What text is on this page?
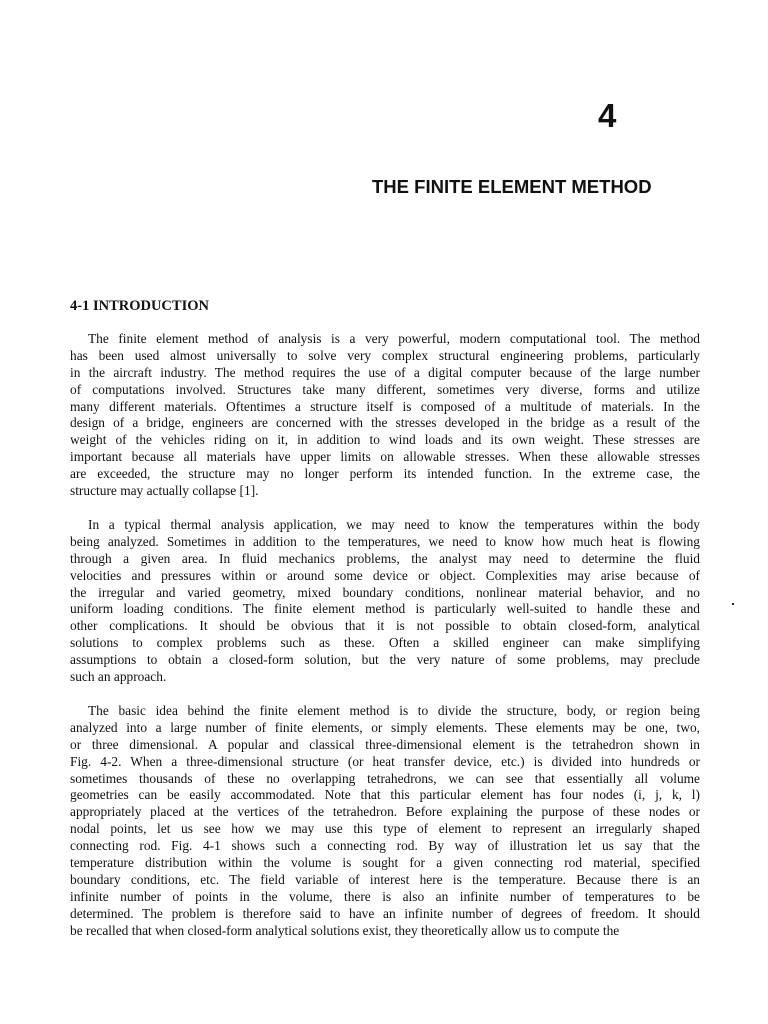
4
THE FINITE ELEMENT METHOD
4-1 INTRODUCTION
The finite element method of analysis is a very powerful, modern computational tool. The method
has been used almost universally to solve very complex structural engineering problems, particularly
in the aircraft industry. The method requires the use of a digital computer because of the large number
of computations involved. Structures take many different, sometimes very diverse, forms and utilize
many different materials. Oftentimes a structure itself is composed of a multitude of materials. In the
design of a bridge, engineers are concerned with the stresses developed in the bridge as a result of the
weight of the vehicles riding on it, in addition to wind loads and its own weight. These stresses are
important because all materials have upper limits on allowable stresses. When these allowable stresses
are exceeded, the structure may no longer perform its intended function. In the extreme case, the
structure may actually collapse [1].
In a typical thermal analysis application, we may need to know the temperatures within the body
being analyzed. Sometimes in addition to the temperatures, we need to know how much heat is flowing
through a given area. In fluid mechanics problems, the analyst may need to determine the fluid
velocities and pressures within or around some device or object. Complexities may arise because of
the irregular and varied geometry, mixed boundary conditions, nonlinear material behavior, and no
uniform loading conditions. The finite element method is particularly well-suited to handle these and
other complications. It should be obvious that it is not possible to obtain closed-form, analytical
solutions to complex problems such as these. Often a skilled engineer can make simplifying
assumptions to obtain a closed-form solution, but the very nature of some problems, may preclude
such an approach.
The basic idea behind the finite element method is to divide the structure, body, or region being
analyzed into a large number of finite elements, or simply elements. These elements may be one, two,
or three dimensional. A popular and classical three-dimensional element is the tetrahedron shown in
Fig. 4-2. When a three-dimensional structure (or heat transfer device, etc.) is divided into hundreds or
sometimes thousands of these no overlapping tetrahedrons, we can see that essentially all volume
geometries can be easily accommodated. Note that this particular element has four nodes (i, j, k, l)
appropriately placed at the vertices of the tetrahedron. Before explaining the purpose of these nodes or
nodal points, let us see how we may use this type of element to represent an irregularly shaped
connecting rod. Fig. 4-1 shows such a connecting rod. By way of illustration let us say that the
temperature distribution within the volume is sought for a given connecting rod material, specified
boundary conditions, etc. The field variable of interest here is the temperature. Because there is an
infinite number of points in the volume, there is also an infinite number of temperatures to be
determined. The problem is therefore said to have an infinite number of degrees of freedom. It should
be recalled that when closed-form analytical solutions exist, they theoretically allow us to compute the
